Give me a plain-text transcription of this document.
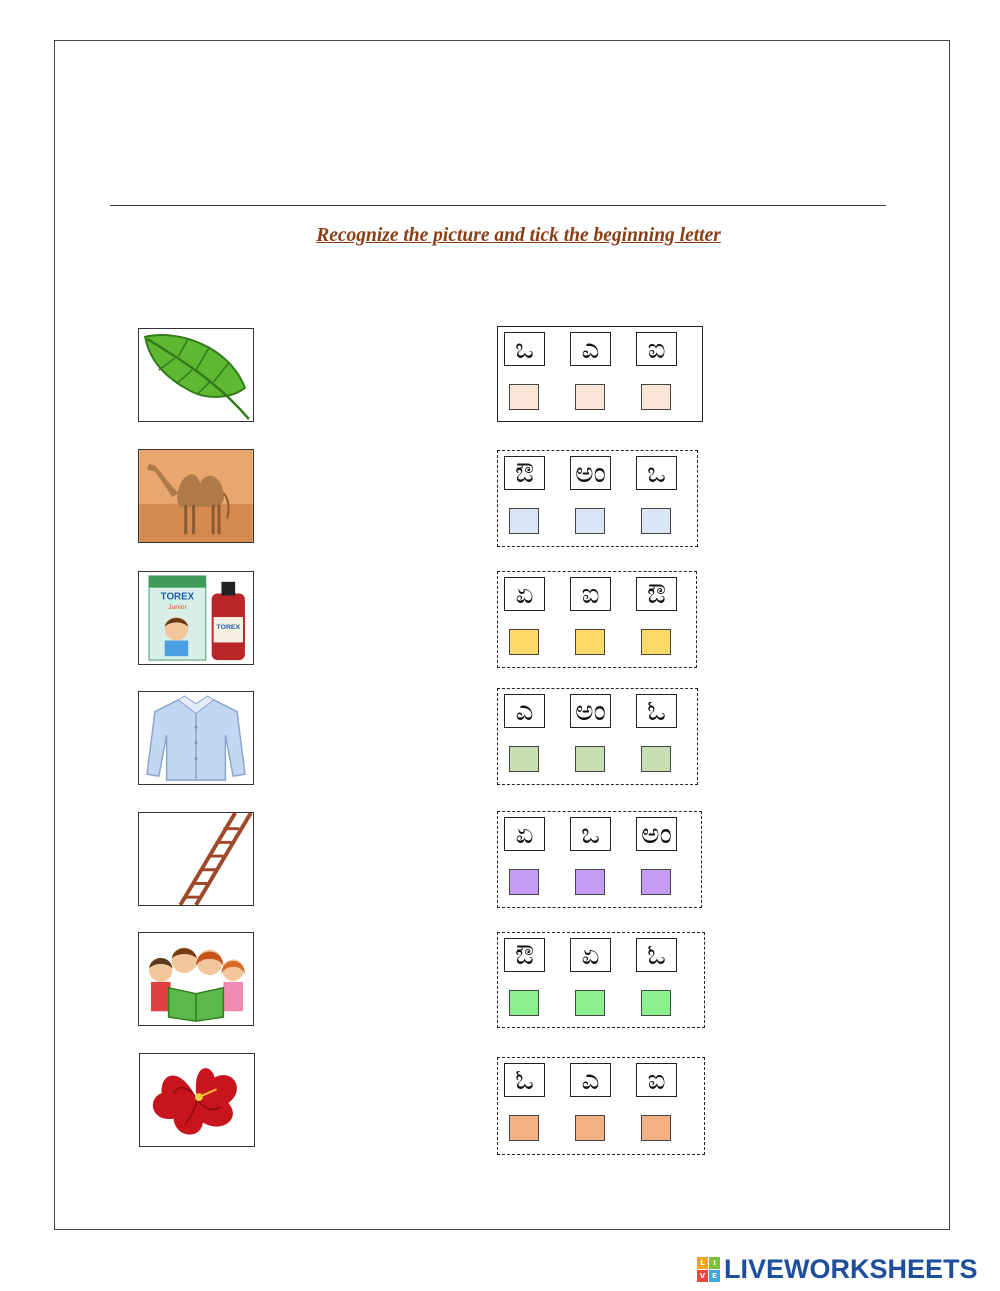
Recognize the picture and tick the beginning letter
TOREX
Junior
TOREX
ಒ	ಎ	ಐ
ಔ	ಅಂ	ಒ
ಏ	ಐ	ಔ
ಎ	ಅಂ	ಓ
ಏ	ಒ	ಅಂ
ಔ	ಏ	ಓ
ಓ	ಎ	ಐ
L	I
V E LIVEWORKSHEETS
